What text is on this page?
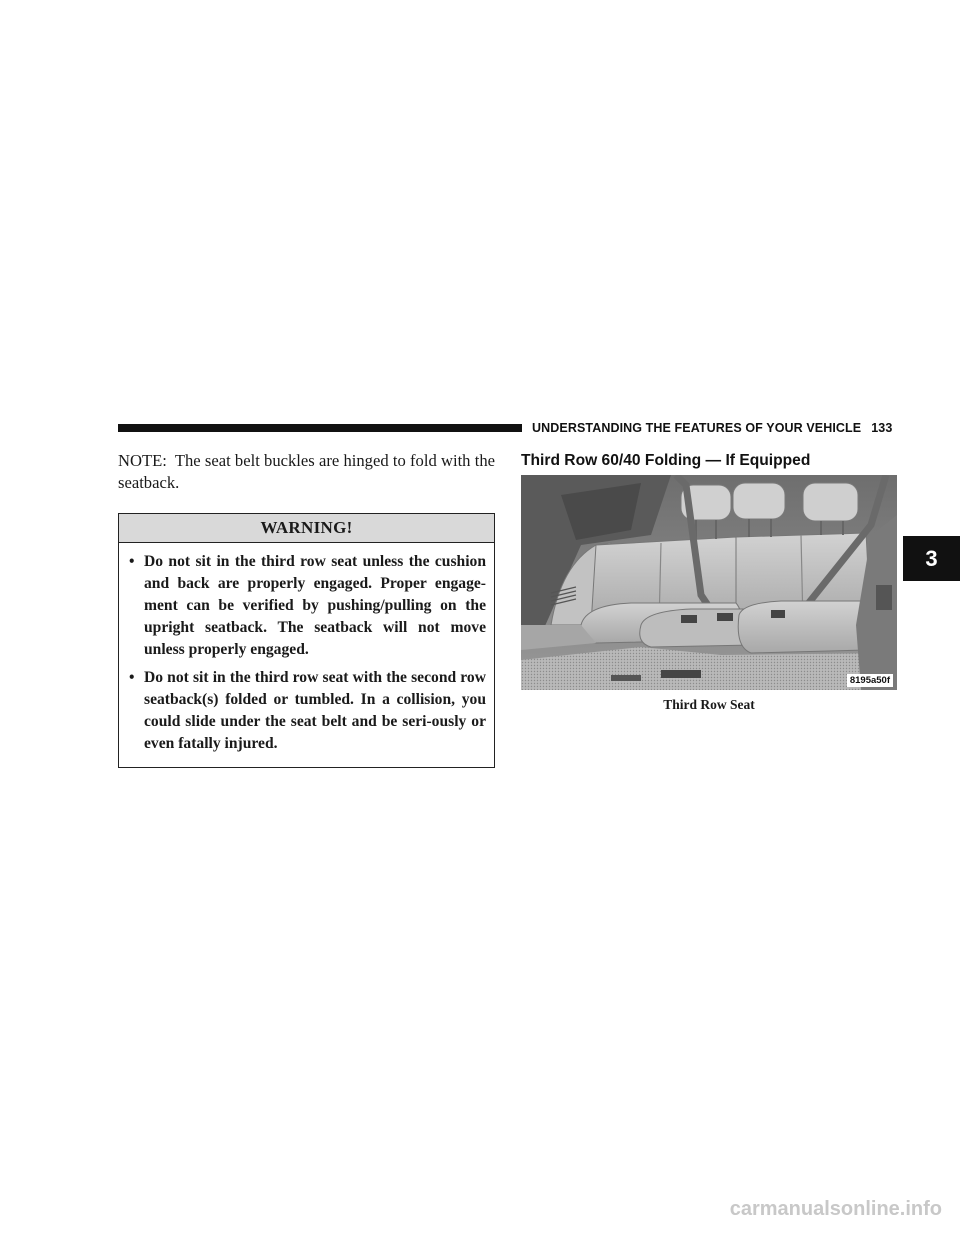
UNDERSTANDING THE FEATURES OF YOUR VEHICLE 133

NOTE: The seat belt buckles are hinged to fold with the seatback.

WARNING!
• Do not sit in the third row seat unless the cushion and back are properly engaged. Proper engage-ment can be verified by pushing/pulling on the upright seatback. The seatback will not move unless properly engaged.
• Do not sit in the third row seat with the second row seatback(s) folded or tumbled. In a collision, you could slide under the seat belt and be seri-ously or even fatally injured.
Third Row 60/40 Folding — If Equipped
8195a50f
Third Row Seat
3
carmanualsonline.info
